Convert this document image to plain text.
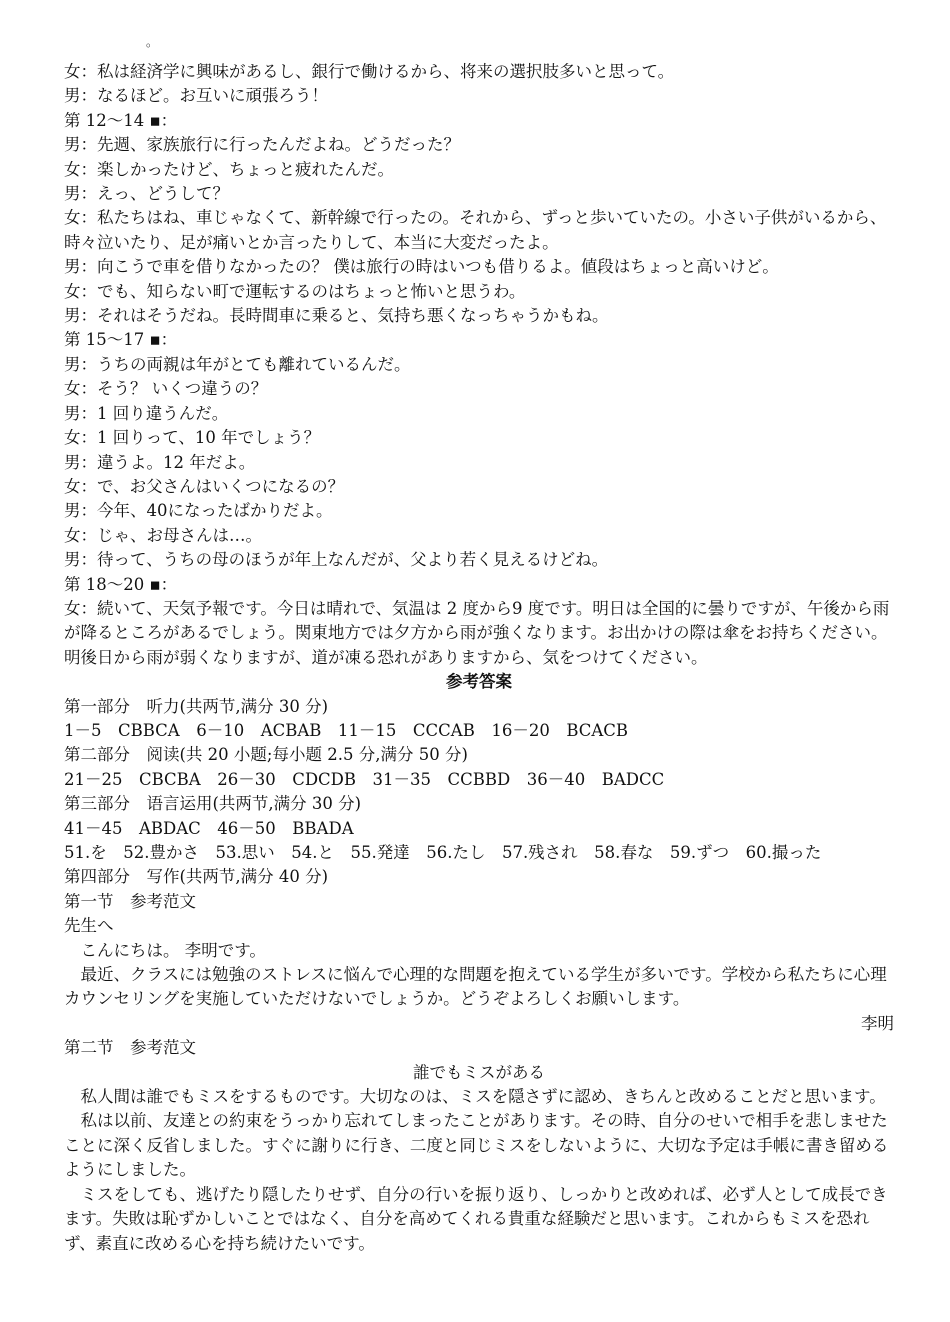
。
女：私は経済学に興味があるし、銀行で働けるから、将来の選択肢多いと思って。
男：なるほど。お互いに頑張ろう！
第 12～14 ▪：
男：先週、家族旅行に行ったんだよね。どうだった？
女：楽しかったけど、ちょっと疲れたんだ。
男：えっ、どうして？
女：私たちはね、車じゃなくて、新幹線で行ったの。それから、ずっと歩いていたの。小さい子供がいるから、時々泣いたり、足が痛いとか言ったりして、本当に大変だったよ。
男：向こうで車を借りなかったの？ 僕は旅行の時はいつも借りるよ。値段はちょっと高いけど。
女：でも、知らない町で運転するのはちょっと怖いと思うわ。
男：それはそうだね。長時間車に乗ると、気持ち悪くなっちゃうかもね。
第 15～17 ▪：
男：うちの両親は年がとても離れているんだ。
女：そう？ いくつ違うの？
男：1 回り違うんだ。
女：1 回りって、10 年でしょう？
男：違うよ。12 年だよ。
女：で、お父さんはいくつになるの？
男：今年、40になったばかりだよ。
女：じゃ、お母さんは…。
男：待って、うちの母のほうが年上なんだが、父より若く見えるけどね。
第 18～20 ▪：
女：続いて、天気予報です。今日は晴れで、気温は 2 度から9 度です。明日は全国的に曇りですが、午後から雨が降るところがあるでしょう。関東地方では夕方から雨が強くなります。お出かけの際は傘をお持ちください。明後日から雨が弱くなりますが、道が凍る恐れがありますから、気をつけてください。
参考答案
第一部分　听力(共两节,满分 30 分)
1－5　CBBCA　6－10　ACBAB　11－15　CCCAB　16－20　BCACB
第二部分　阅读(共 20 小题;每小题 2.5 分,满分 50 分)
21－25　CBCBA　26－30　CDCDB　31－35　CCBBD　36－40　BADCC
第三部分　语言运用(共两节,满分 30 分)
41－45　ABDAC　46－50　BBADA
51.を　52.豊かさ　53.思い　54.と　55.発達　56.たし　57.残され　58.春な　59.ずつ　60.撮った
第四部分　写作(共两节,满分 40 分)
第一节　参考范文
先生へ
こんにちは。 李明です。
最近、クラスには勉強のストレスに悩んで心理的な問題を抱えている学生が多いです。学校から私たちに心理カウンセリングを実施していただけないでしょうか。どうぞよろしくお願いします。
李明
第二节　参考范文
誰でもミスがある
私人間は誰でもミスをするものです。大切なのは、ミスを隠さずに認め、きちんと改めることだと思います。
私は以前、友達との約束をうっかり忘れてしまったことがあります。その時、自分のせいで相手を悲しませたことに深く反省しました。すぐに謝りに行き、二度と同じミスをしないように、大切な予定は手帳に書き留めるようにしました。
ミスをしても、逃げたり隠したりせず、自分の行いを振り返り、しっかりと改めれば、必ず人として成長できます。失敗は恥ずかしいことではなく、自分を高めてくれる貴重な経験だと思います。これからもミスを恐れず、素直に改める心を持ち続けたいです。
